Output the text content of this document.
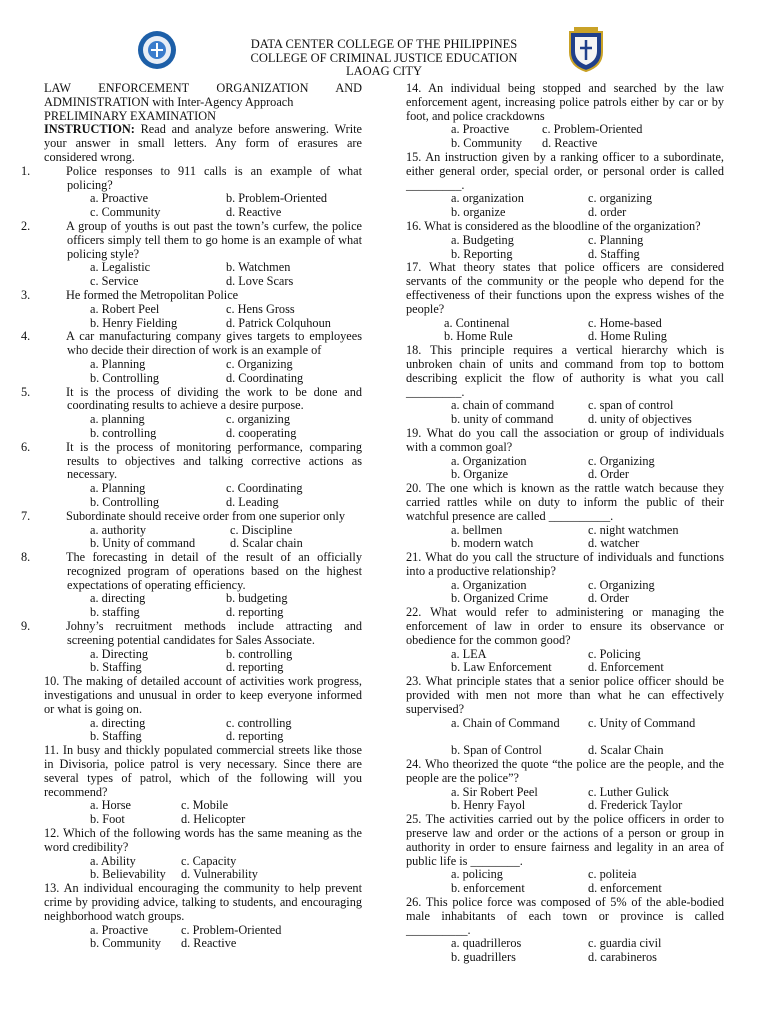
DATA CENTER COLLEGE OF THE PHILIPPINES
COLLEGE OF CRIMINAL JUSTICE EDUCATION
LAOAG CITY

LAW ENFORCEMENT ORGANIZATION AND ADMINISTRATION with Inter-Agency Approach

PRELIMINARY EXAMINATION

INSTRUCTION: Read and analyze before answering. Write your answer in small letters. Any form of erasures are considered wrong.

1.	Police responses to 911 calls is an example of what policing?
a. Proactive	b. Problem-Oriented
c. Community	d. Reactive
2.	A group of youths is out past the town’s curfew, the police officers simply tell them to go home is an example of what policing style?
a. Legalistic	b. Watchmen
c. Service	d. Love Scars
3.	He formed the Metropolitan Police
a. Robert Peel	c. Hens Gross
b. Henry Fielding	d. Patrick Colquhoun
4.	A car manufacturing company gives targets to employees who decide their direction of work is an example of
a. Planning	c. Organizing
b. Controlling	d. Coordinating
5.	It is the process of dividing the work to be done and coordinating results to achieve a desire purpose.
a. planning	c. organizing
b. controlling	d. cooperating
6.	It is the process of monitoring performance, comparing results to objectives and talking corrective actions as necessary.
a. Planning	c. Coordinating
b. Controlling	d. Leading
7.	Subordinate should receive order from one superior only
a. authority	c. Discipline
b. Unity of command	d. Scalar chain
8.	The forecasting in detail of the result of an officially recognized program of operations based on the highest expectations of operating efficiency.
a. directing	b. budgeting
b. staffing	d. reporting
9.	Johny’s recruitment methods include attracting and screening potential candidates for Sales Associate.
a. Directing	b. controlling
b. Staffing	d. reporting
10. The making of detailed account of activities work progress, investigations and unusual in order to keep everyone informed or what is going on.
a. directing	c. controlling
b. Staffing	d. reporting
11. In busy and thickly populated commercial streets like those in Divisoria, police patrol is very necessary. Since there are several types of patrol, which of the following will you recommend?
a. Horse	c. Mobile
b. Foot	d. Helicopter
12. Which of the following words has the same meaning as the word credibility?
a. Ability	c. Capacity
b. Believability	d. Vulnerability
13. An individual encouraging the community to help prevent crime by providing advice, talking to students, and encouraging neighborhood watch groups.
a. Proactive	c. Problem-Oriented
b. Community	d. Reactive
14. An individual being stopped and searched by the law enforcement agent, increasing police patrols either by car or by foot, and police crackdowns
a. Proactive	c. Problem-Oriented
b. Community	d. Reactive
15. An instruction given by a ranking officer to a subordinate, either general order, special order, or personal order is called _________.
a. organization	c. organizing
b. organize	d. order
16. What is considered as the bloodline of the organization?
a. Budgeting	c. Planning
b. Reporting	d. Staffing
17. What theory states that police officers are considered servants of the community or the people who depend for the effectiveness of their functions upon the express wishes of the people?
a. Continenal	c. Home-based
b. Home Rule	d. Home Ruling
18. This principle requires a vertical hierarchy which is unbroken chain of units and command from top to bottom describing explicit the flow of authority is what you call _________.
a. chain of command	c. span of control
b. unity of command	d. unity of objectives
19. What do you call the association or group of individuals with a common goal?
a. Organization	c. Organizing
b. Organize	d. Order
20. The one which is known as the rattle watch because they carried rattles while on duty to inform the public of their watchful presence are called __________.
a. bellmen	c. night watchmen
b. modern watch	d. watcher
21. What do you call the structure of individuals and functions into a productive relationship?
a. Organization	c. Organizing
b. Organized Crime	d. Order
22. What would refer to administering or managing the enforcement of law in order to ensure its observance or obedience for the common good?
a. LEA	c. Policing
b. Law Enforcement	d. Enforcement
23. What principle states that a senior police officer should be provided with men not more than what he can effectively supervised?
a. Chain of Command	c. Unity of Command
b. Span of Control	d. Scalar Chain
24. Who theorized the quote “the police are the people, and the people are the police”?
a. Sir Robert Peel	c. Luther Gulick
b. Henry Fayol	d. Frederick Taylor
25. The activities carried out by the police officers in order to preserve law and order or the actions of a person or group in authority in order to ensure fairness and legality in an area of public life is ________.
a. policing	c. politeia
b. enforcement	d. enforcement
26. This police force was composed of 5% of the able-bodied male inhabitants of each town or province is called __________.
a. quadrilleros	c. guardia civil
b. guadrillers	d. carabineros
